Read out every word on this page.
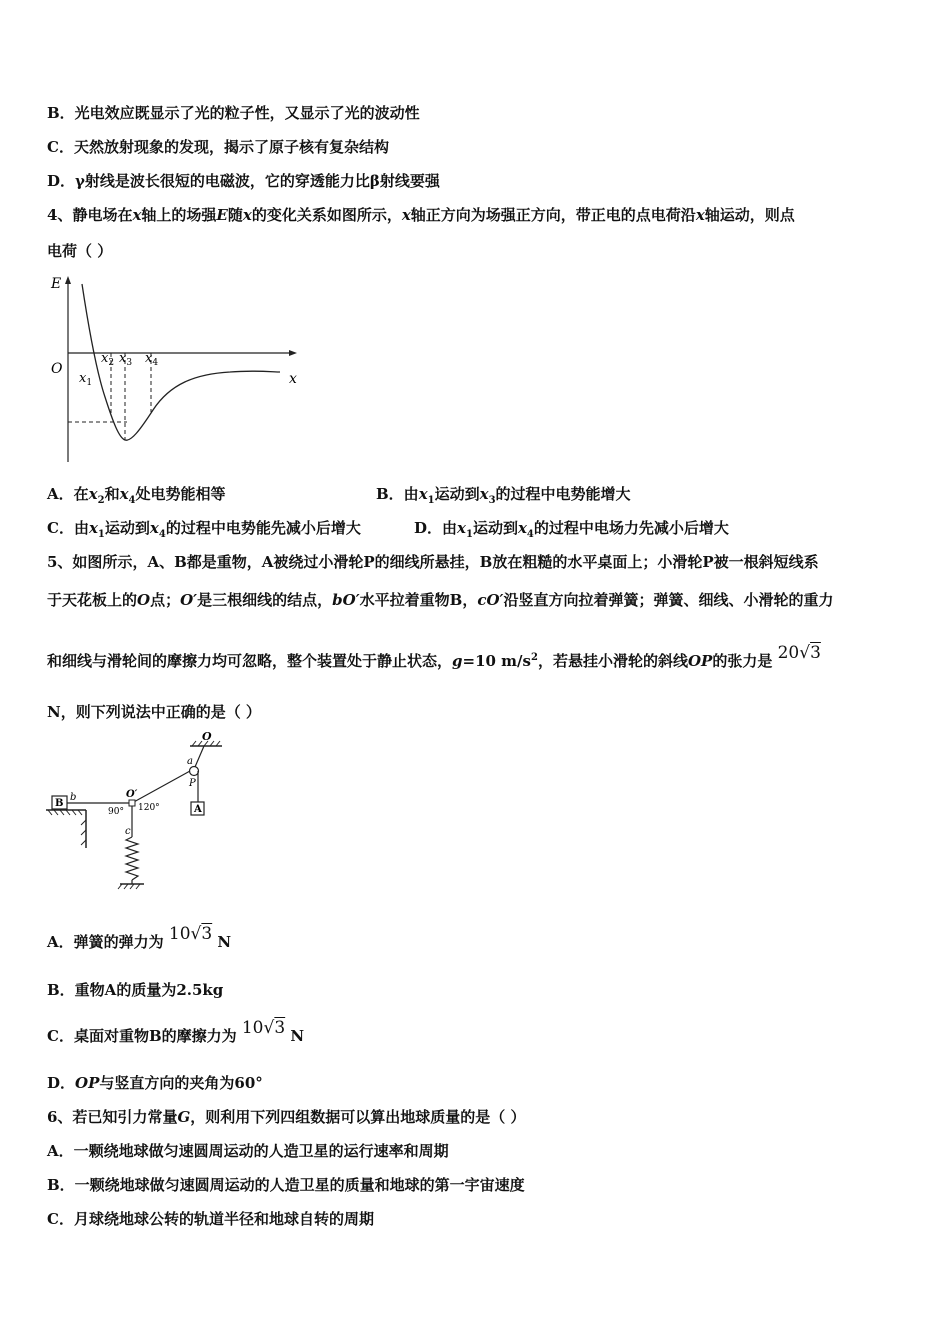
B．光电效应既显示了光的粒子性，又显示了光的波动性
C．天然放射现象的发现，揭示了原子核有复杂结构
D．γ射线是波长很短的电磁波，它的穿透能力比β射线要强
4、静电场在x轴上的场强E随x的变化关系如图所示，x轴正方向为场强正方向，带正电的点电荷沿x轴运动，则点
电荷（ ）
E
O
x
$x_1$
$x_2$ $x_3$ $x_4$
A．在$x_2$和$x_4$处电势能相等	B．由$x_1$运动到$x_3$的过程中电势能增大
C．由$x_1$运动到$x_4$的过程中电势能先减小后增大	D．由$x_1$运动到$x_4$的过程中电场力先减小后增大
5、如图所示，A、B都是重物，A被绕过小滑轮P的细线所悬挂，B放在粗糙的水平桌面上；小滑轮P被一根斜短线系
于天花板上的O点；O′是三根细线的结点，bO′水平拉着重物B，cO′沿竖直方向拉着弹簧；弹簧、细线、小滑轮的重力
和细线与滑轮间的摩擦力均可忽略，整个装置处于静止状态，g=10 $m/s^2$，若悬挂小滑轮的斜线OP的张力是 20√3
N，则下列说法中正确的是（ ）
O
a
P
A
B
b	O′
90° 120°
c
A．弹簧的弹力为 10√3 N
B．重物A的质量为2.5kg
C．桌面对重物B的摩擦力为 10√3 N
D．OP与竖直方向的夹角为60°
6、若已知引力常量G，则利用下列四组数据可以算出地球质量的是（ ）
A．一颗绕地球做匀速圆周运动的人造卫星的运行速率和周期
B．一颗绕地球做匀速圆周运动的人造卫星的质量和地球的第一宇宙速度
C．月球绕地球公转的轨道半径和地球自转的周期
